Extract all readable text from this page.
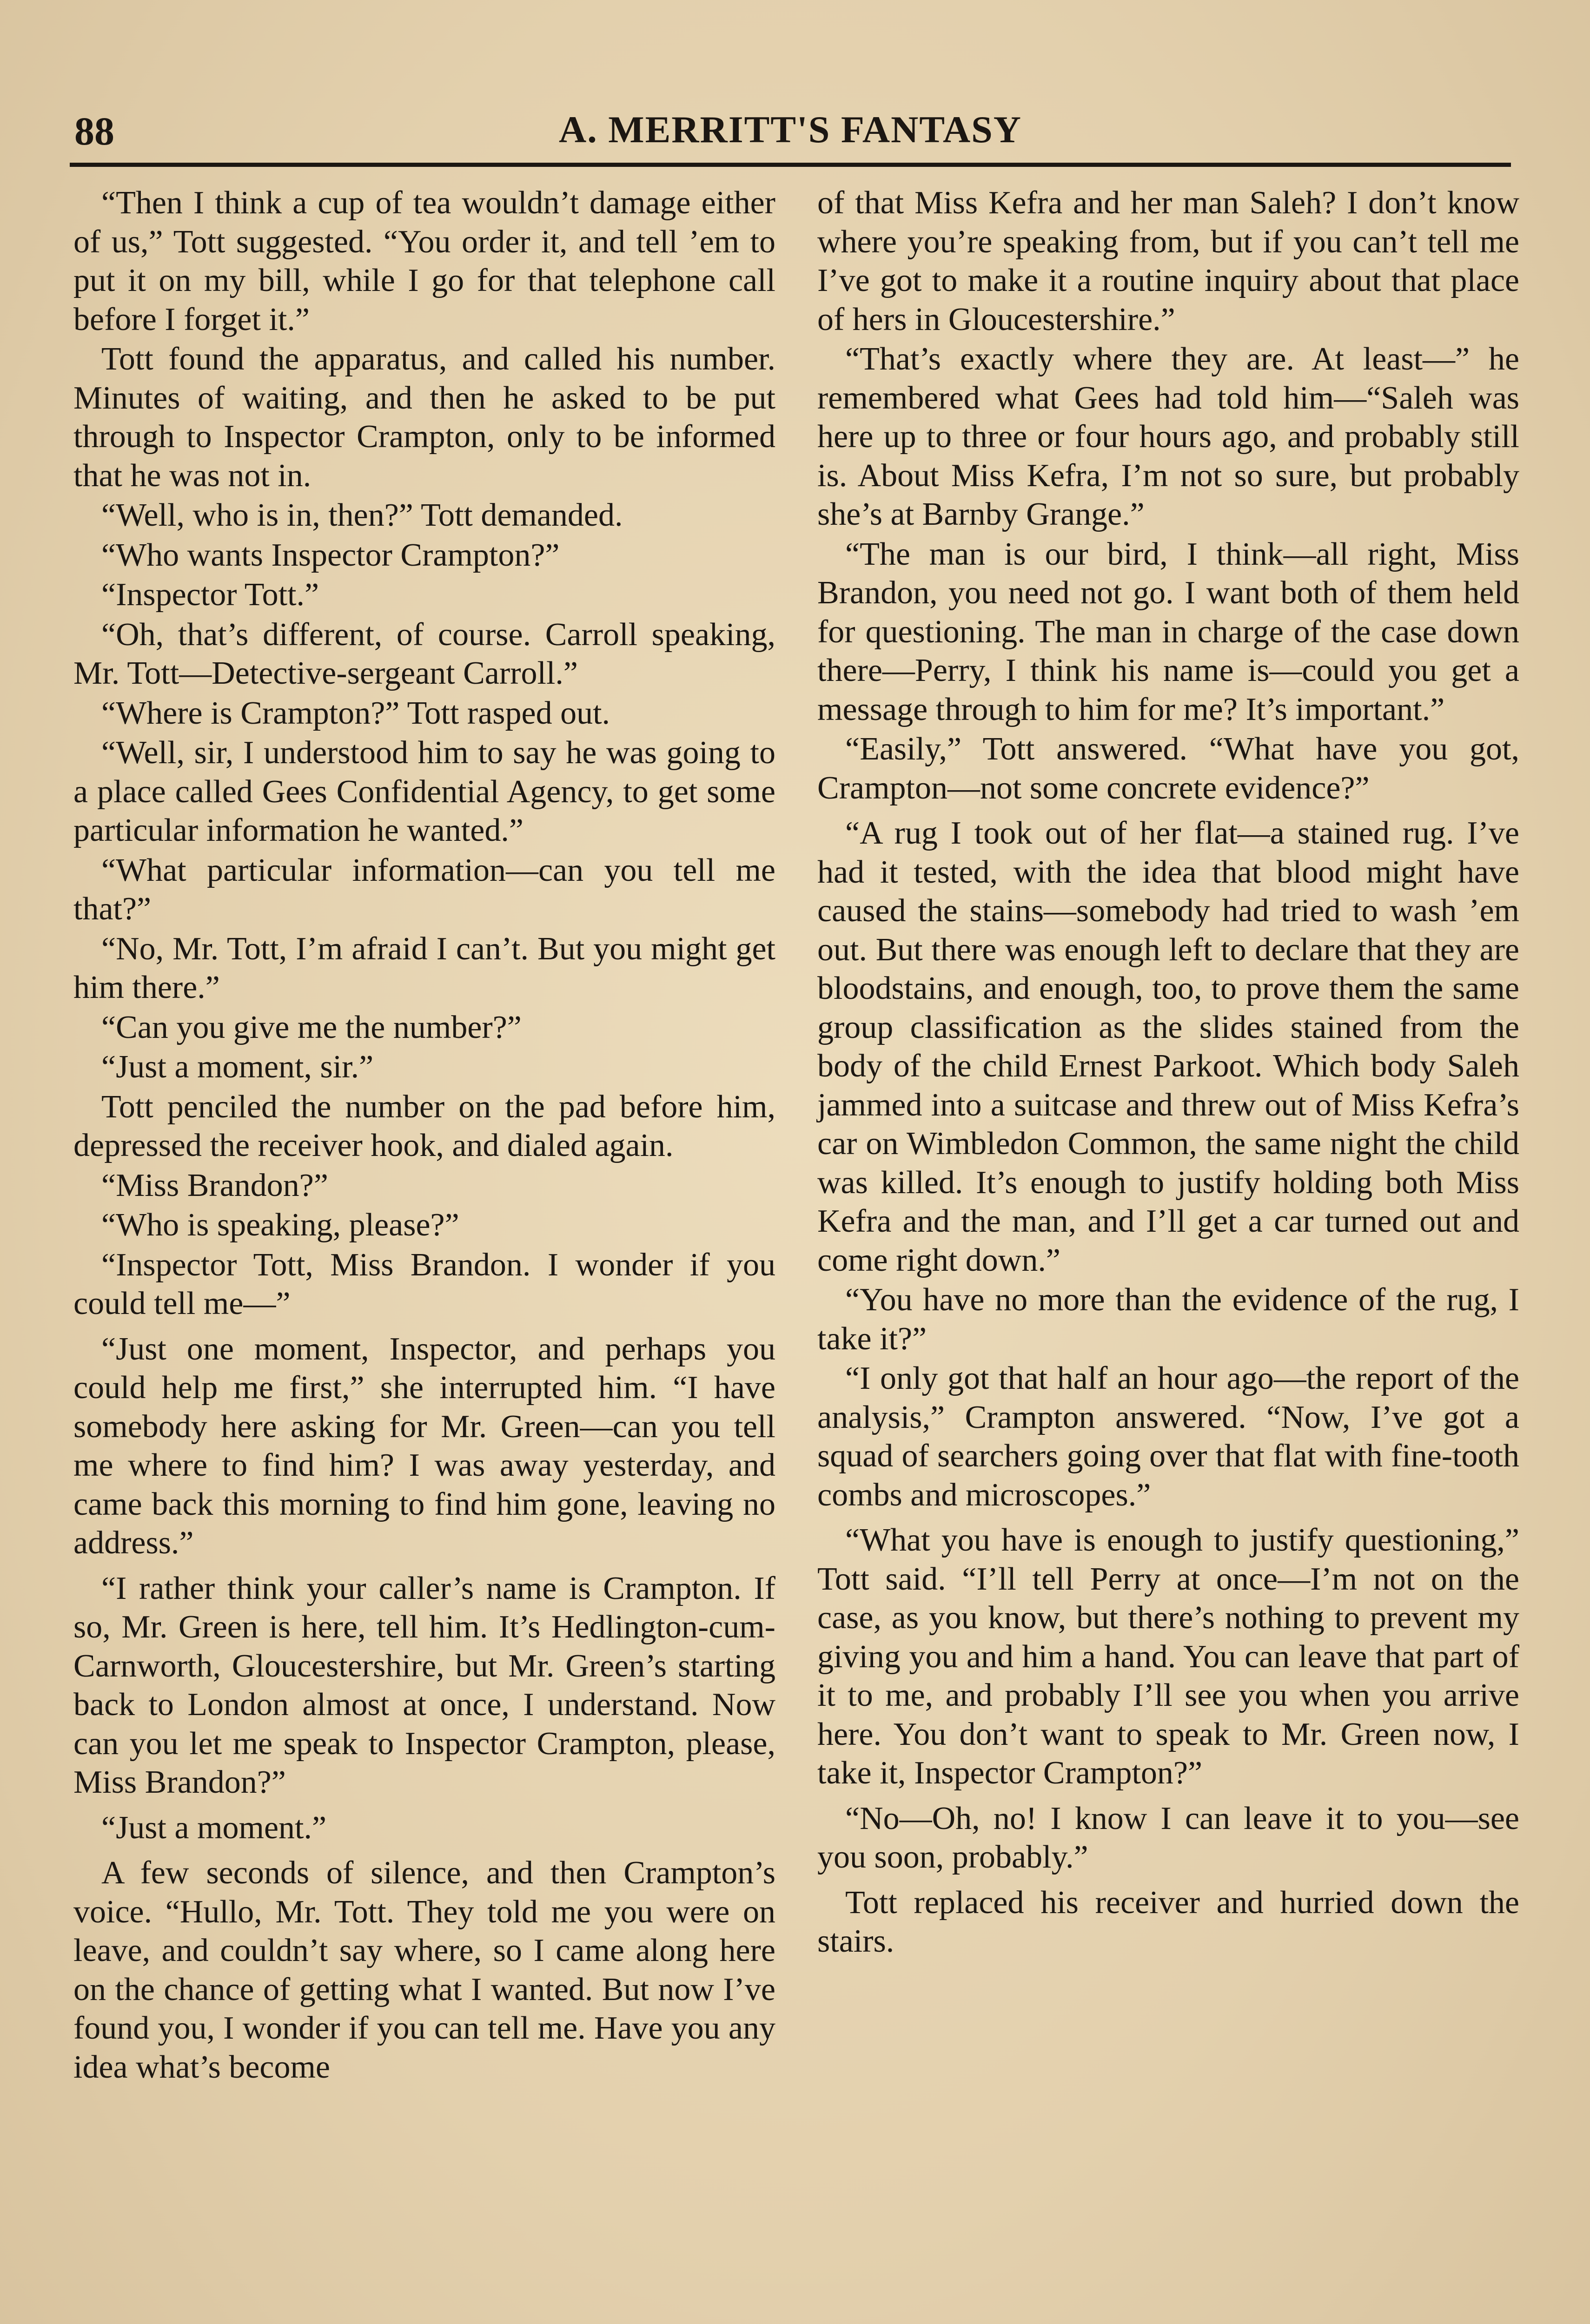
88	A. MERRITT'S FANTASY

“Then I think a cup of tea wouldn’t damage either of us,” Tott suggested. “You order it, and tell ’em to put it on my bill, while I go for that telephone call before I forget it.”

Tott found the apparatus, and called his number. Minutes of waiting, and then he asked to be put through to Inspector Crampton, only to be informed that he was not in.

“Well, who is in, then?” Tott demanded.

“Who wants Inspector Crampton?”

“Inspector Tott.”

“Oh, that’s different, of course. Carroll speaking, Mr. Tott—Detective-sergeant Carroll.”

“Where is Crampton?” Tott rasped out.

“Well, sir, I understood him to say he was going to a place called Gees Confidential Agency, to get some particular information he wanted.”

“What particular information—can you tell me that?”

“No, Mr. Tott, I’m afraid I can’t. But you might get him there.”

“Can you give me the number?”

“Just a moment, sir.”

Tott penciled the number on the pad before him, depressed the receiver hook, and dialed again.

“Miss Brandon?”

“Who is speaking, please?”

“Inspector Tott, Miss Brandon. I wonder if you could tell me—”

“Just one moment, Inspector, and perhaps you could help me first,” she interrupted him. “I have somebody here asking for Mr. Green—can you tell me where to find him? I was away yesterday, and came back this morning to find him gone, leaving no address.”

“I rather think your caller’s name is Crampton. If so, Mr. Green is here, tell him. It’s Hedlington-cum-Carnworth, Gloucestershire, but Mr. Green’s starting back to London almost at once, I understand. Now can you let me speak to Inspector Crampton, please, Miss Brandon?”

“Just a moment.”

A few seconds of silence, and then Crampton’s voice. “Hullo, Mr. Tott. They told me you were on leave, and couldn’t say where, so I came along here on the chance of getting what I wanted. But now I’ve found you, I wonder if you can tell me. Have you any idea what’s become

of that Miss Kefra and her man Saleh? I don’t know where you’re speaking from, but if you can’t tell me I’ve got to make it a routine inquiry about that place of hers in Gloucestershire.”

“That’s exactly where they are. At least—” he remembered what Gees had told him—“Saleh was here up to three or four hours ago, and probably still is. About Miss Kefra, I’m not so sure, but probably she’s at Barnby Grange.”

“The man is our bird, I think—all right, Miss Brandon, you need not go. I want both of them held for questioning. The man in charge of the case down there—Perry, I think his name is—could you get a message through to him for me? It’s important.”

“Easily,” Tott answered. “What have you got, Crampton—not some concrete evidence?”

“A rug I took out of her flat—a stained rug. I’ve had it tested, with the idea that blood might have caused the stains—somebody had tried to wash ’em out. But there was enough left to declare that they are bloodstains, and enough, too, to prove them the same group classification as the slides stained from the body of the child Ernest Parkoot. Which body Saleh jammed into a suitcase and threw out of Miss Kefra’s car on Wimbledon Common, the same night the child was killed. It’s enough to justify holding both Miss Kefra and the man, and I’ll get a car turned out and come right down.”

“You have no more than the evidence of the rug, I take it?”

“I only got that half an hour ago—the report of the analysis,” Crampton answered. “Now, I’ve got a squad of searchers going over that flat with fine-tooth combs and microscopes.”

“What you have is enough to justify questioning,” Tott said. “I’ll tell Perry at once—I’m not on the case, as you know, but there’s nothing to prevent my giving you and him a hand. You can leave that part of it to me, and probably I’ll see you when you arrive here. You don’t want to speak to Mr. Green now, I take it, Inspector Crampton?”

“No—Oh, no! I know I can leave it to you—see you soon, probably.”

Tott replaced his receiver and hurried down the stairs.
